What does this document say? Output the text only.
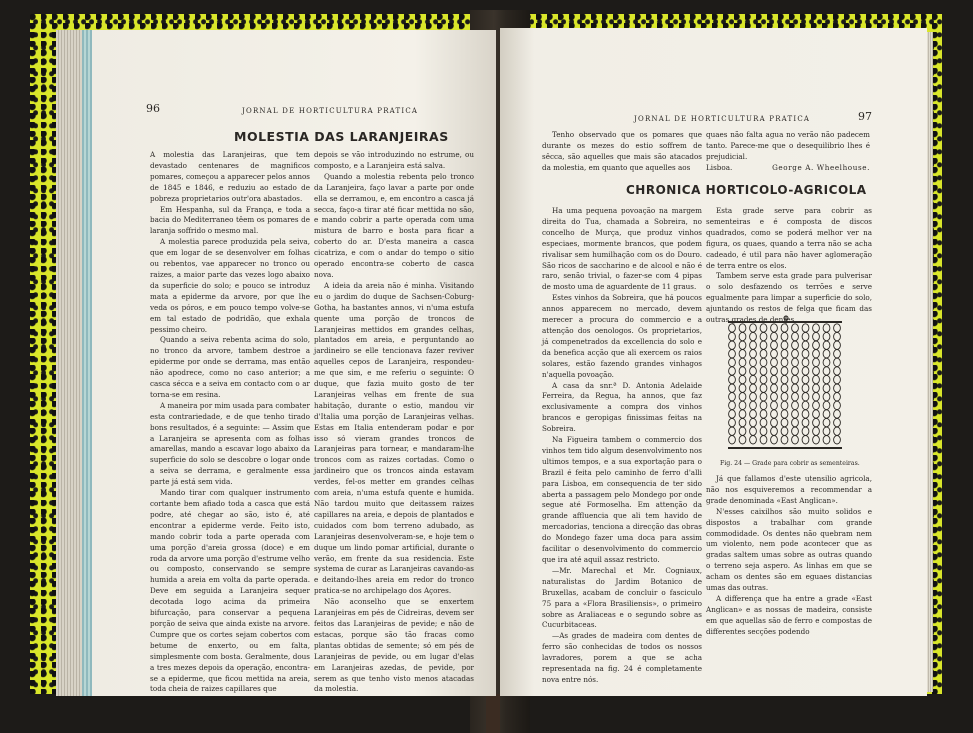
96	JORNAL DE HORTICULTURA PRATICA
MOLESTIA DAS LARANJEIRAS

A molestia das Laranjeiras, que tem devastado centenares de magnificos pomares, começou a apparecer pelos annos de 1845 e 1846, e reduziu ao estado de pobreza proprietarios outr'ora abastados.

Em Hespanha, sul da França, e toda a bacia do Mediterraneo têem os pomares de laranja soffrido o mesmo mal.

A molestia parece produzida pela seiva, que em logar de se desenvolver em folhas ou rebentos, vae apparecer no tronco ou raizes, a maior parte das vezes logo abaixo da superficie do solo; e pouco se introduz mata a epiderme da arvore, por que lhe veda os póros, e em pouco tempo volve-se em tal estado de podridão, que exhala pessimo cheiro.

Quando a seiva rebenta acima do solo, no tronco da arvore, tambem destroe a epiderme por onde se derrama, mas então não apodrece, como no caso anterior; a casca sécca e a seiva em contacto com o ar torna-se em resina.

A maneira por mim usada para combater esta contrariedade, e de que tenho tirado bons resultados, é a seguinte: — Assim que a Laranjeira se apresenta com as folhas amarellas, mando a escavar logo abaixo da superficie do solo se descobre o logar onde a seiva se derrama, e geralmente essa parte já está sem vida.

Mando tirar com qualquer instrumento cortante bem afiado toda a casca que está podre, até chegar ao são, isto é, até encontrar a epiderme verde. Feito isto, mando cobrir toda a parte operada com uma porção d'areia grossa (doce) e em roda da arvore uma porção d'estrume velho ou composto, conservando se sempre humida a areia em volta da parte operada. Deve em seguida a Laranjeira sequer decotada logo acima da primeira bifurcação, para conservar a pequena porção de seiva que ainda existe na arvore. Cumpre que os cortes sejam cobertos com betume de enxerto, ou em falta, simplesmente com bosta. Geralmente, dous a tres mezes depois da operação, encontra-se a epiderme, que ficou mettida na areia, toda cheia de raizes capillares que

depois se vão introduzindo no estrume, ou composto, e a Laranjeira está salva.

Quando a molestia rebenta pelo tronco da Laranjeira, faço lavar a parte por onde ella se derramou, e, em encontro a casca já secca, faço-a tirar até ficar mettida no são, e mando cobrir a parte operada com uma mistura de barro e bosta para ficar a coberto do ar. D'esta maneira a casca cicatriza, e com o andar do tempo o sitio operado encontra-se coberto de casca nova.

A ideia da areia não é minha. Visitando eu o jardim do duque de Sachsen-Coburg-Gotha, ha bastantes annos, vi n'uma estufa quente uma porção de troncos de Laranjeiras mettidos em grandes celhas, plantados em areia, e perguntando ao jardineiro se elle tencionava fazer reviver aquelles cepos de Laranjeira, respondeu-me que sim, e me referiu o seguinte: O duque, que fazia muito gosto de ter Laranjeiras velhas em frente de sua habitação, durante o estio, mandou vir d'Italia uma porção de Laranjeiras velhas. Estas em Italia entenderam podar e por isso só vieram grandes troncos de Laranjeiras para tornear, e mandaram-lhe troncos com as raizes cortadas. Como o jardineiro que os troncos ainda estavam verdes, fel-os metter em grandes celhas com areia, n'uma estufa quente e humida. Não tardou muito que deitassem raizes capillares na areia, e depois de plantados e cuidados com bom terreno adubado, as Laranjeiras desenvolveram-se, e hoje tem o duque um lindo pomar artificial, durante o verão, em frente da sua residencia. Este systema de curar as Laranjeiras cavando-as e deitando-lhes areia em redor do tronco pratica-se no archipelago dos Açores.

Não aconselho que se enxertem Laranjeiras em pés de Cidreiras, devem ser feitos das Laranjeiras de pevide; e não de estacas, porque são tão fracas como plantas obtidas de semente; só em pés de Laranjeiras de pevide, ou em lugar d'elas em Laranjeiras azedas, de pevide, por serem as que tenho visto menos atacadas da molestia.

JORNAL DE HORTICULTURA PRATICA	97

Tenho observado que os pomares que durante os mezes do estio soffrem de sêcca, são aquelles que mais são atacados da molestia, em quanto que aquelles aos

quaes não falta agua no verão não padecem tanto. Parece-me que o desequilibrio lhes é prejudicial.

Lisboa.	George A. Wheelhouse.
CHRONICA HORTICOLO-AGRICOLA

Ha uma pequena povoação na margem direita do Tua, chamada a Sobreira, no concelho de Murça, que produz vinhos especiaes, mormente brancos, que podem rivalisar sem humilhação com os do Douro. São ricos de saccharino e de alcool e não é raro, senão trivial, o fazer-se com 4 pipas de mosto uma de aguardente de 11 graus.

Estes vinhos da Sobreira, que há poucos annos apparecem no mercado, devem merecer a procura do commercio e a attenção dos oenologos. Os proprietarios, já compenetrados da excellencia do solo e da benefica acção que ali exercem os raios solares, estão fazendo grandes vinhagos n'aquella povoação.

A casa da snr.ª D. Antonia Adelaide Ferreira, da Regua, ha annos, que faz exclusivamente a compra dos vinhos brancos e geropigas finissimas feitas na Sobreira.

Na Figueira tambem o commercio dos vinhos tem tido algum desenvolvimento nos ultimos tempos, e a sua exportação para o Brazil é feita pelo caminho de ferro d'alli para Lisboa, em consequencia de ter sido aberta a passagem pelo Mondego por onde segue até Formoselha. Em attenção da grande affluencia que ali tem havido de mercadorias, tenciona a direcção das obras do Mondego fazer uma doca para assim facilitar o desenvolvimento do commercio que ira até aquil assaz restricto.

—Mr. Marechal et Mr. Cogniaux, naturalistas do Jardim Botanico de Bruxellas, acabam de concluir o fasciculo 75 para a «Flora Brasiliensis», o primeiro sobre as Araliaceas e o segundo sobre as Cucurbitaceas.

—As grades de madeira com dentes de ferro são conhecidas de todos os nossos lavradores, porem a que se acha representada na fig. 24 é completamente nova entre nós.

Esta grade serve para cobrir as sementeiras e é composta de discos quadrados, como se poderá melhor ver na figura, os quaes, quando a terra não se acha cadeado, é util para não haver aglomeração de terra entre os elos.

Tambem serve esta grade para pulverisar o solo desfazendo os terrões e serve egualmente para limpar a superficie do solo, ajuntando os restos de felga que ficam das outras grades de dentes.

Fig. 24 — Grade para cobrir as sementeiras.

Já que fallamos d'este utensilio agricola, não nos esquiveremos a recommendar a grade denominada «East Anglican».

N'esses caixilhos são muito solidos e dispostos a trabalhar com grande commodidade. Os dentes não quebram nem um violento, nem pode acontecer que as gradas saltem umas sobre as outras quando o terreno seja aspero. As linhas em que se acham os dentes são em eguaes distancias umas das outras.

A differença que ha entre a grade «East Anglican» e as nossas de madeira, consiste em que aquellas são de ferro e compostas de differentes secções podendo
